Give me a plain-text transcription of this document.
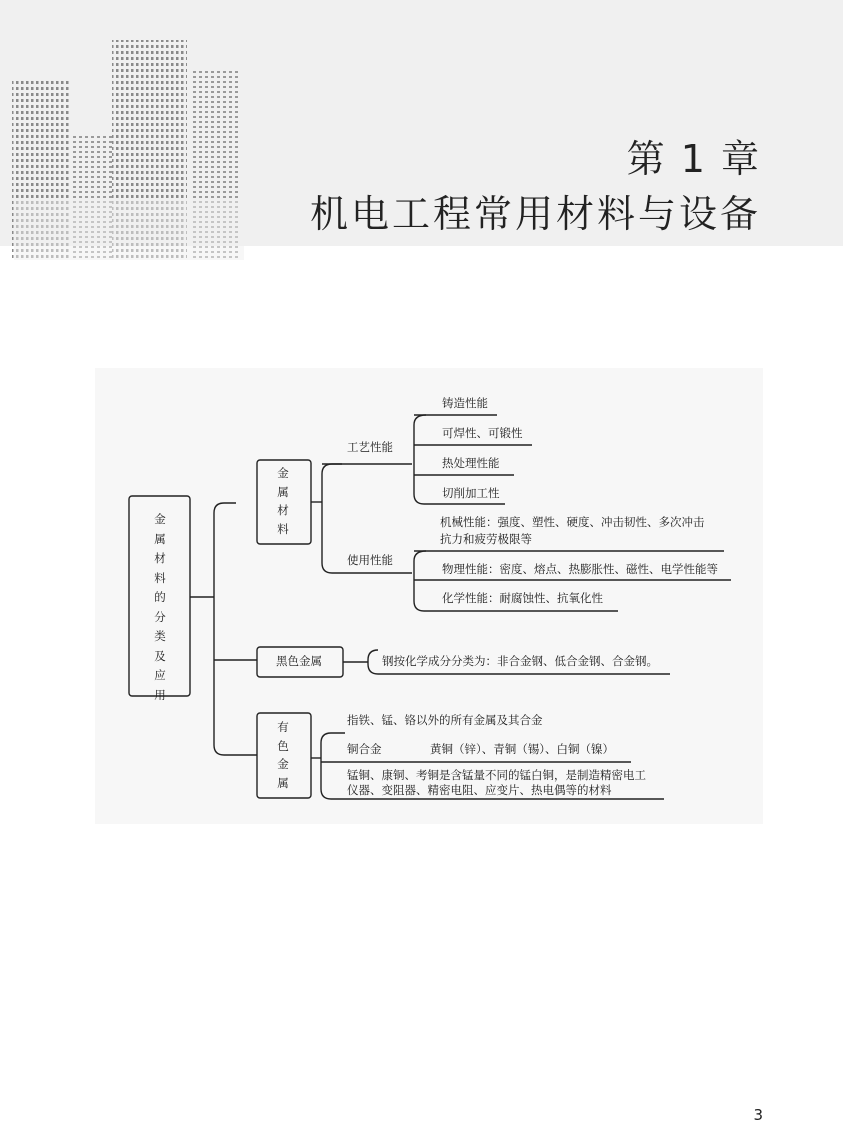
第 1 章
机电工程常用材料与设备
金属材料的分类及应用
金属材料
工艺性能
铸造性能
可焊性、可锻性
热处理性能
切削加工性
使用性能
机械性能：强度、塑性、硬度、冲击韧性、多次冲击
抗力和疲劳极限等
物理性能：密度、熔点、热膨胀性、磁性、电学性能等
化学性能：耐腐蚀性、抗氧化性
黑色金属	钢按化学成分分类为：非合金钢、低合金钢、合金钢。
有色金属
指铁、锰、铬以外的所有金属及其合金
铜合金	黄铜（锌）、青铜（锡）、白铜（镍）
锰铜、康铜、考铜是含锰量不同的锰白铜，是制造精密电工
仪器、变阻器、精密电阻、应变片、热电偶等的材料
3
